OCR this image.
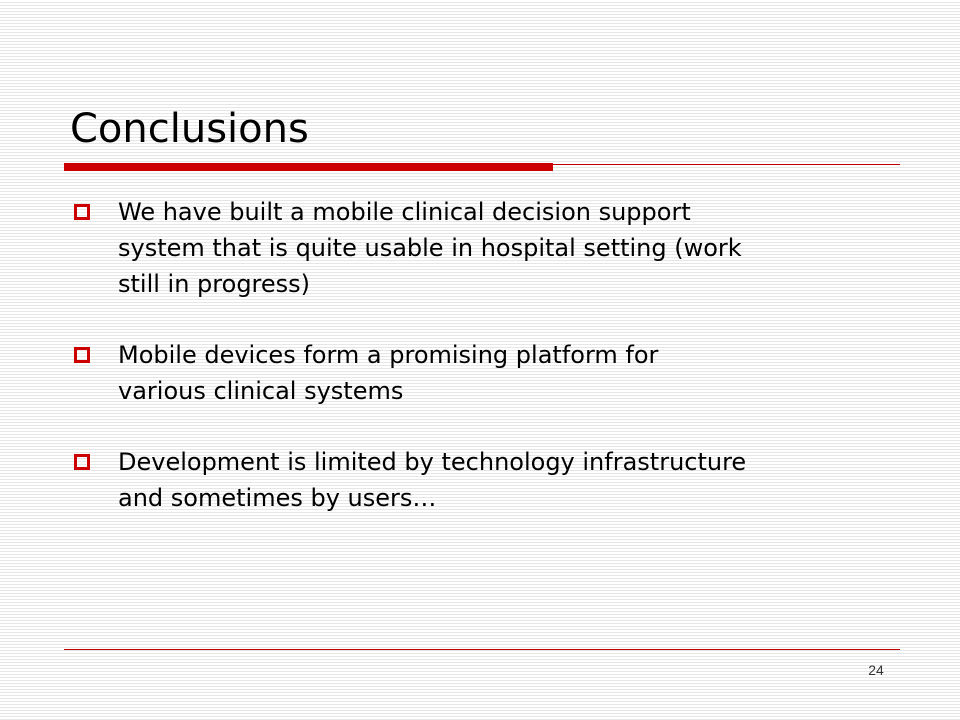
Conclusions
We have built a mobile clinical decision support
system that is quite usable in hospital setting (work
still in progress)
Mobile devices form a promising platform for
various clinical systems
Development is limited by technology infrastructure
and sometimes by users…
24
